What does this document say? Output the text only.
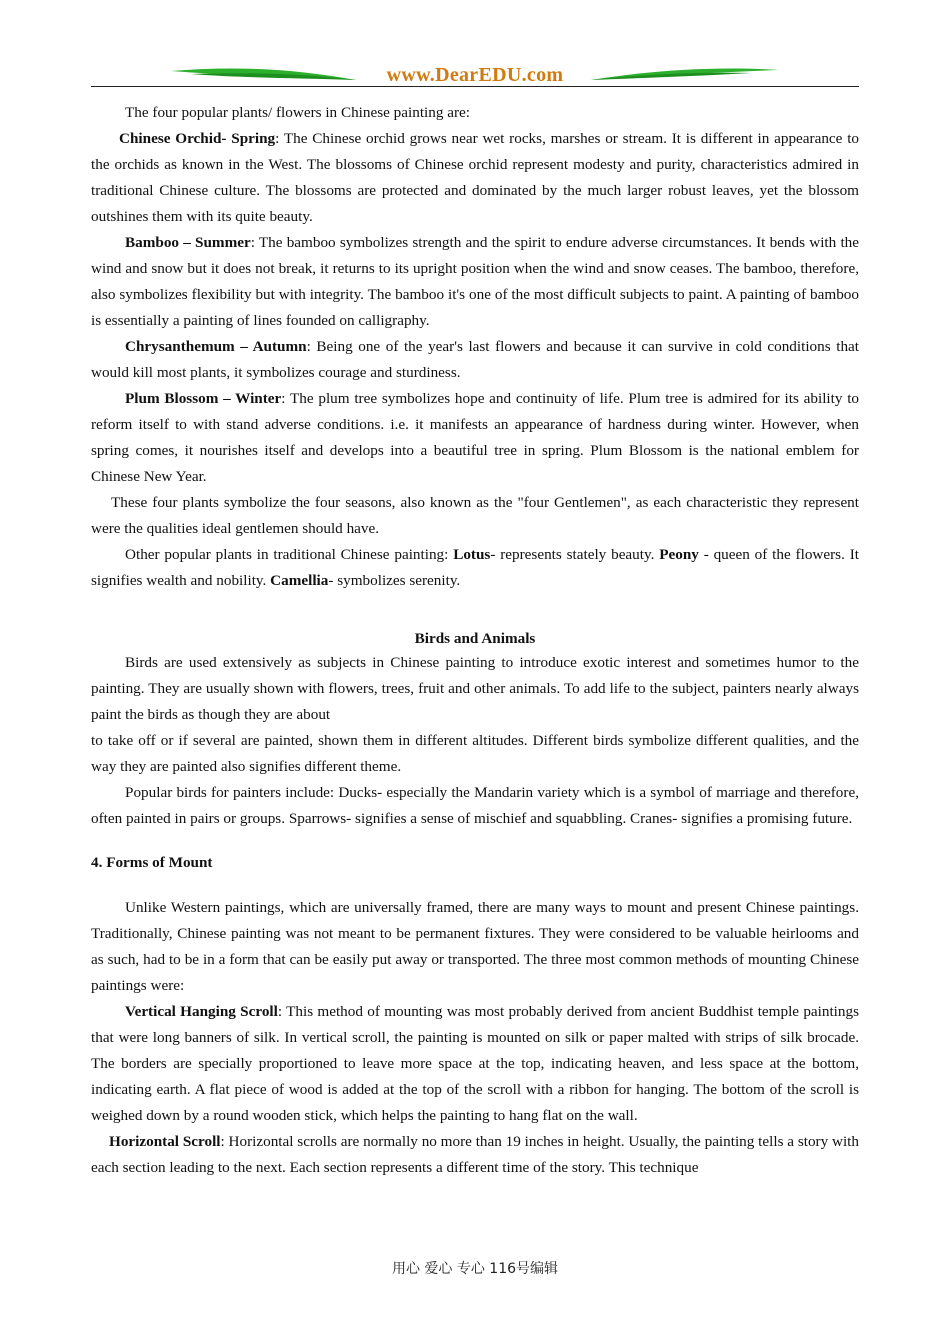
www.DearEDU.com

The four popular plants/ flowers in Chinese painting are:

Chinese Orchid- Spring: The Chinese orchid grows near wet rocks, marshes or stream. It is different in appearance to the orchids as known in the West. The blossoms of Chinese orchid represent modesty and purity, characteristics admired in traditional Chinese culture. The blossoms are protected and dominated by the much larger robust leaves, yet the blossom outshines them with its quite beauty.

Bamboo – Summer: The bamboo symbolizes strength and the spirit to endure adverse circumstances. It bends with the wind and snow but it does not break, it returns to its upright position when the wind and snow ceases. The bamboo, therefore, also symbolizes flexibility but with integrity. The bamboo it's one of the most difficult subjects to paint. A painting of bamboo is essentially a painting of lines founded on calligraphy.

Chrysanthemum – Autumn: Being one of the year's last flowers and because it can survive in cold conditions that would kill most plants, it symbolizes courage and sturdiness.

Plum Blossom – Winter: The plum tree symbolizes hope and continuity of life. Plum tree is admired for its ability to reform itself to with stand adverse conditions. i.e. it manifests an appearance of hardness during winter. However, when spring comes, it nourishes itself and develops into a beautiful tree in spring. Plum Blossom is the national emblem for Chinese New Year.

These four plants symbolize the four seasons, also known as the "four Gentlemen", as each characteristic they represent were the qualities ideal gentlemen should have.

Other popular plants in traditional Chinese painting: Lotus- represents stately beauty. Peony - queen of the flowers. It signifies wealth and nobility. Camellia- symbolizes serenity.

Birds and Animals

Birds are used extensively as subjects in Chinese painting to introduce exotic interest and sometimes humor to the painting. They are usually shown with flowers, trees, fruit and other animals. To add life to the subject, painters nearly always paint the birds as though they are about

to take off or if several are painted, shown them in different altitudes. Different birds symbolize different qualities, and the way they are painted also signifies different theme.

Popular birds for painters include: Ducks- especially the Mandarin variety which is a symbol of marriage and therefore, often painted in pairs or groups. Sparrows- signifies a sense of mischief and squabbling. Cranes- signifies a promising future.

4. Forms of Mount

Unlike Western paintings, which are universally framed, there are many ways to mount and present Chinese paintings. Traditionally, Chinese painting was not meant to be permanent fixtures. They were considered to be valuable heirlooms and as such, had to be in a form that can be easily put away or transported. The three most common methods of mounting Chinese paintings were:

Vertical Hanging Scroll: This method of mounting was most probably derived from ancient Buddhist temple paintings that were long banners of silk. In vertical scroll, the painting is mounted on silk or paper malted with strips of silk brocade. The borders are specially proportioned to leave more space at the top, indicating heaven, and less space at the bottom, indicating earth. A flat piece of wood is added at the top of the scroll with a ribbon for hanging. The bottom of the scroll is weighed down by a round wooden stick, which helps the painting to hang flat on the wall.

Horizontal Scroll: Horizontal scrolls are normally no more than 19 inches in height. Usually, the painting tells a story with each section leading to the next. Each section represents a different time of the story. This technique

用心 爱心 专心 116号编辑
